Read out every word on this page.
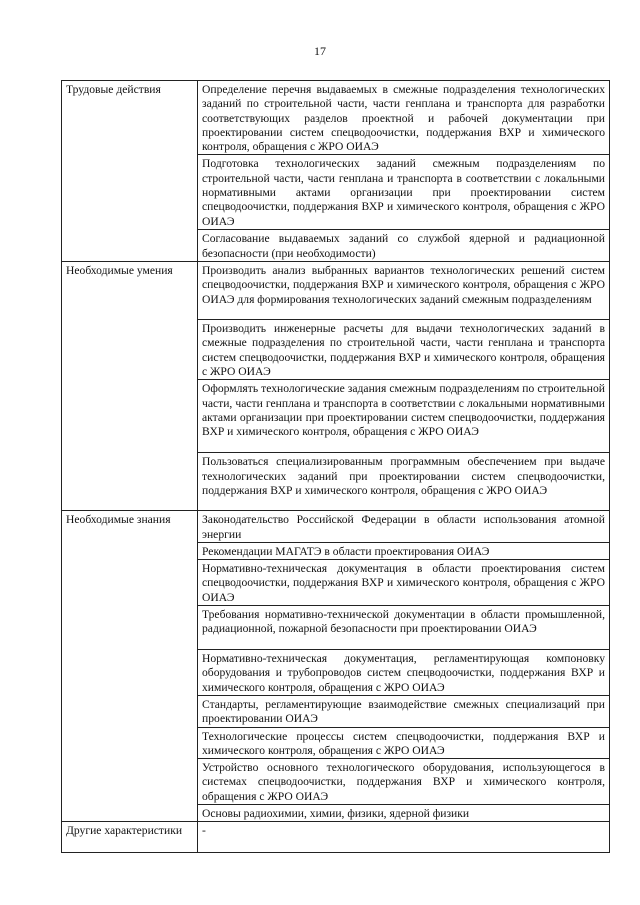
17
Трудовые действия	Определение перечня выдаваемых в смежные подразделения технологических заданий по строительной части, части генплана и транспорта для разработки соответствующих разделов проектной и рабочей документации при проектировании систем спецводоочистки, поддержания ВХР и химического контроля, обращения с ЖРО ОИАЭ
	Подготовка технологических заданий смежным подразделениям по строительной части, части генплана и транспорта в соответствии с локальными нормативными актами организации при проектировании систем спецводоочистки, поддержания ВХР и химического контроля, обращения с ЖРО ОИАЭ
	Согласование выдаваемых заданий со службой ядерной и радиационной безопасности (при необходимости)
Необходимые умения	Производить анализ выбранных вариантов технологических решений систем спецводоочистки, поддержания ВХР и химического контроля, обращения с ЖРО ОИАЭ для формирования технологических заданий смежным подразделениям
	Производить инженерные расчеты для выдачи технологических заданий в смежные подразделения по строительной части, части генплана и транспорта систем спецводоочистки, поддержания ВХР и химического контроля, обращения с ЖРО ОИАЭ
	Оформлять технологические задания смежным подразделениям по строительной части, части генплана и транспорта в соответствии с локальными нормативными актами организации при проектировании систем спецводоочистки, поддержания ВХР и химического контроля, обращения с ЖРО ОИАЭ
	Пользоваться специализированным программным обеспечением при выдаче технологических заданий при проектировании систем спецводоочистки, поддержания ВХР и химического контроля, обращения с ЖРО ОИАЭ
Необходимые знания	Законодательство Российской Федерации в области использования атомной энергии
	Рекомендации МАГАТЭ в области проектирования ОИАЭ
	Нормативно-техническая документация в области проектирования систем спецводоочистки, поддержания ВХР и химического контроля, обращения с ЖРО ОИАЭ
	Требования нормативно-технической документации в области промышленной, радиационной, пожарной безопасности при проектировании ОИАЭ
	Нормативно-техническая документация, регламентирующая компоновку оборудования и трубопроводов систем спецводоочистки, поддержания ВХР и химического контроля, обращения с ЖРО ОИАЭ
	Стандарты, регламентирующие взаимодействие смежных специализаций при проектировании ОИАЭ
	Технологические процессы систем спецводоочистки, поддержания ВХР и химического контроля, обращения с ЖРО ОИАЭ
	Устройство основного технологического оборудования, использующегося в системах спецводоочистки, поддержания ВХР и химического контроля, обращения с ЖРО ОИАЭ
	Основы радиохимии, химии, физики, ядерной физики
Другие характеристики	-
